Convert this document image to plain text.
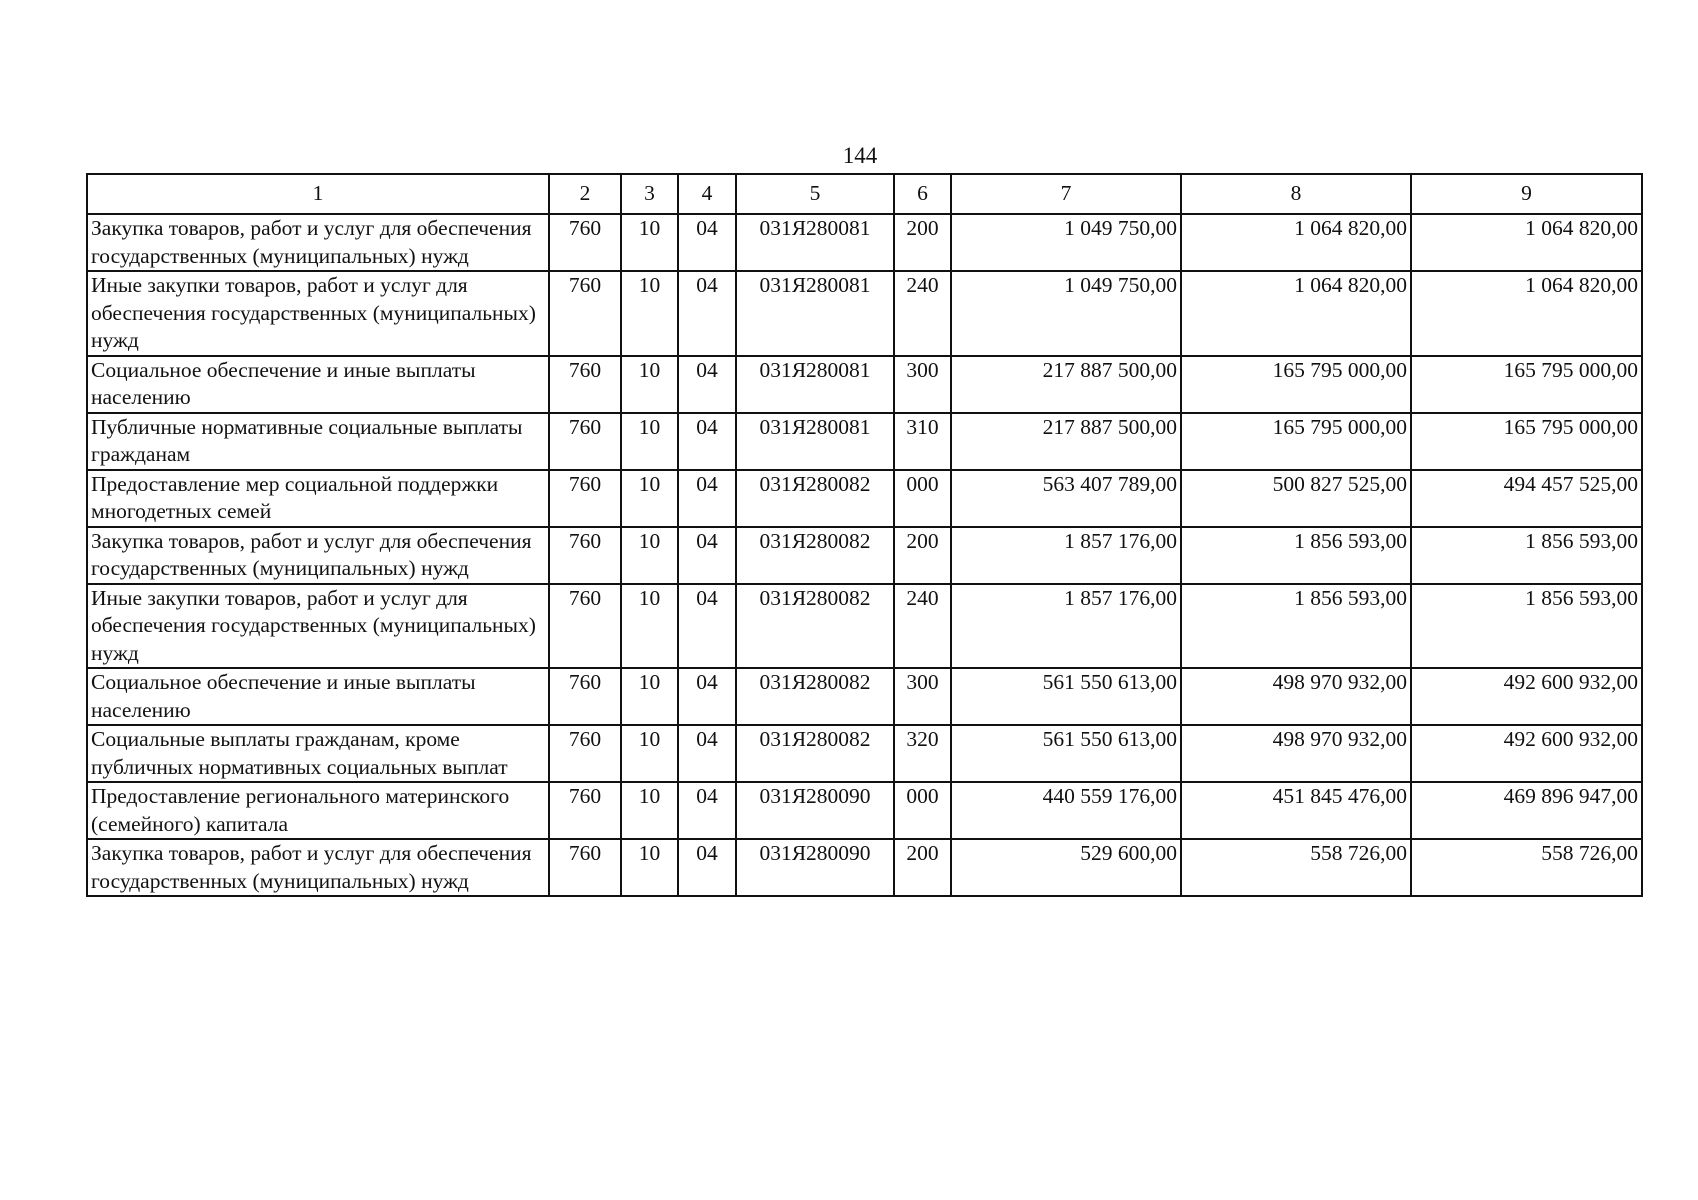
144
1	2	3	4	5	6	7	8	9
Закупка товаров, работ и услуг для обеспечения государственных (муниципальных) нужд	760	10	04	031Я280081	200	1 049 750,00	1 064 820,00	1 064 820,00
Иные закупки товаров, работ и услуг для обеспечения государственных (муниципальных) нужд	760	10	04	031Я280081	240	1 049 750,00	1 064 820,00	1 064 820,00
Социальное обеспечение и иные выплаты населению	760	10	04	031Я280081	300	217 887 500,00	165 795 000,00	165 795 000,00
Публичные нормативные социальные выплаты гражданам	760	10	04	031Я280081	310	217 887 500,00	165 795 000,00	165 795 000,00
Предоставление мер социальной поддержки многодетных семей	760	10	04	031Я280082	000	563 407 789,00	500 827 525,00	494 457 525,00
Закупка товаров, работ и услуг для обеспечения государственных (муниципальных) нужд	760	10	04	031Я280082	200	1 857 176,00	1 856 593,00	1 856 593,00
Иные закупки товаров, работ и услуг для обеспечения государственных (муниципальных) нужд	760	10	04	031Я280082	240	1 857 176,00	1 856 593,00	1 856 593,00
Социальное обеспечение и иные выплаты населению	760	10	04	031Я280082	300	561 550 613,00	498 970 932,00	492 600 932,00
Социальные выплаты гражданам, кроме публичных нормативных социальных выплат	760	10	04	031Я280082	320	561 550 613,00	498 970 932,00	492 600 932,00
Предоставление регионального материнского (семейного) капитала	760	10	04	031Я280090	000	440 559 176,00	451 845 476,00	469 896 947,00
Закупка товаров, работ и услуг для обеспечения государственных (муниципальных) нужд	760	10	04	031Я280090	200	529 600,00	558 726,00	558 726,00
